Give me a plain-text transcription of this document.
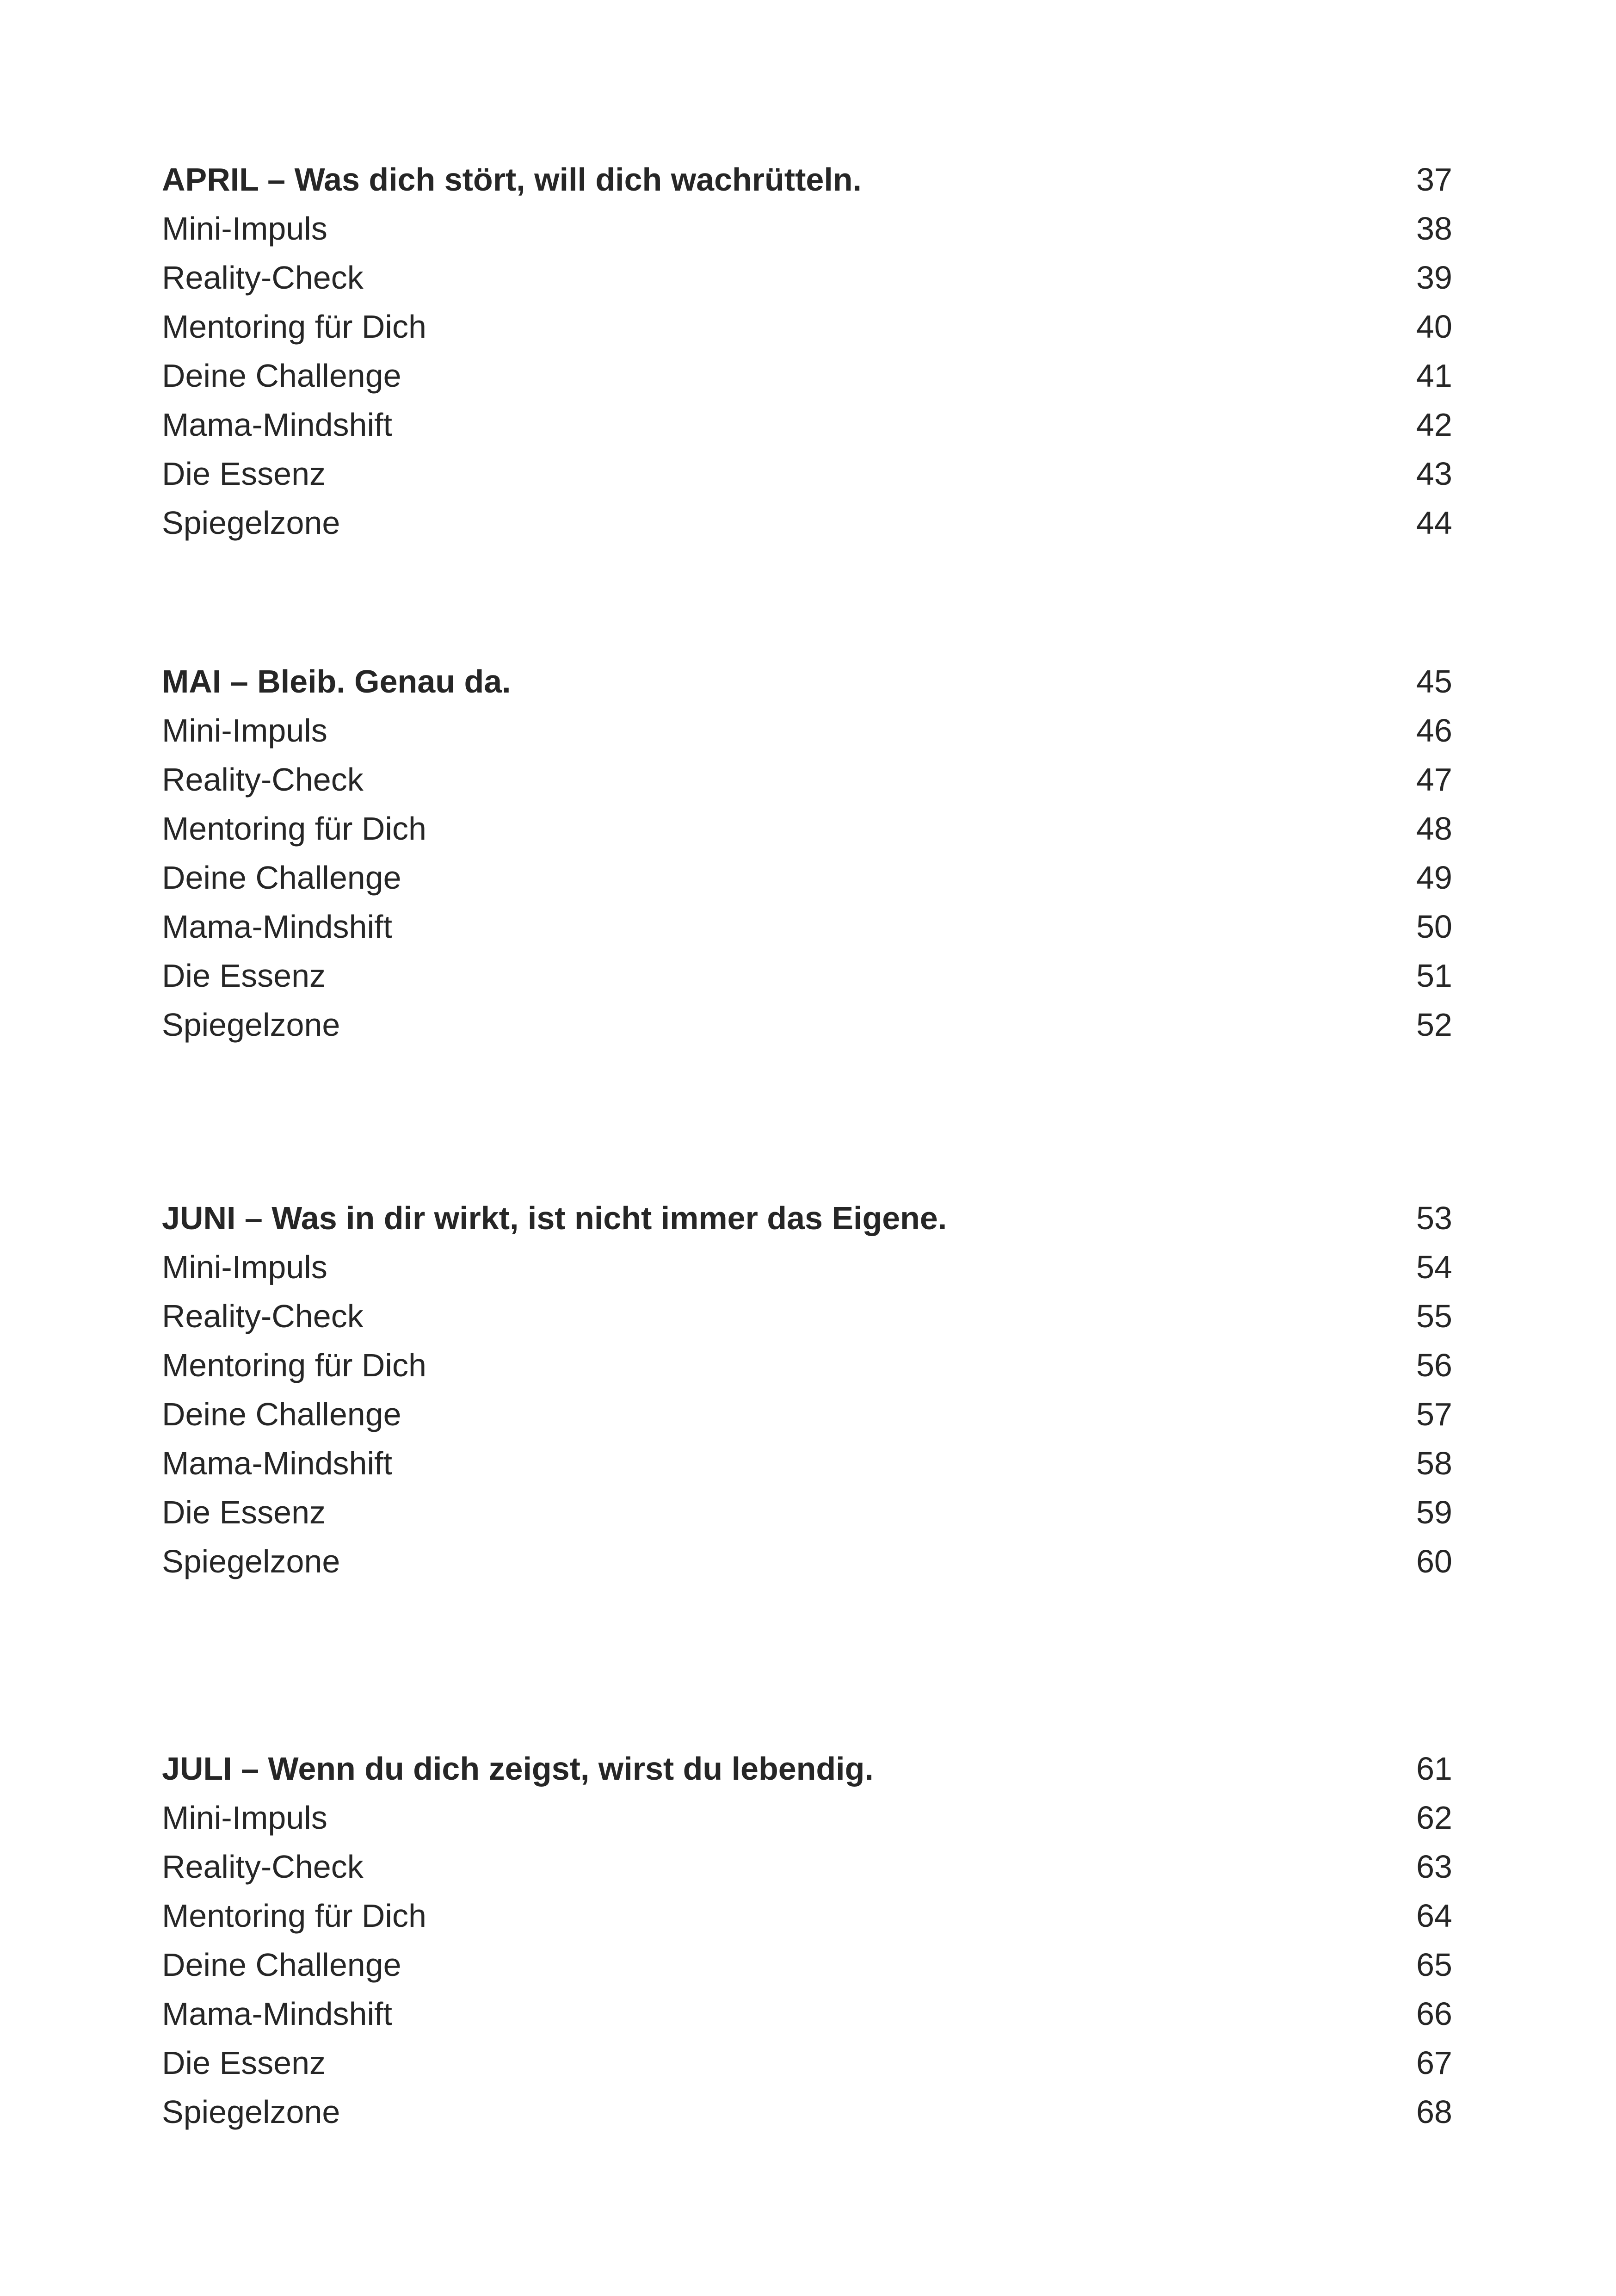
APRIL – Was dich stört, will dich wachrütteln.	37
Mini-Impuls	38
Reality-Check	39
Mentoring für Dich	40
Deine Challenge	41
Mama-Mindshift	42
Die Essenz	43
Spiegelzone	44
MAI – Bleib. Genau da.	45
Mini-Impuls	46
Reality-Check	47
Mentoring für Dich	48
Deine Challenge	49
Mama-Mindshift	50
Die Essenz	51
Spiegelzone	52
JUNI – Was in dir wirkt, ist nicht immer das Eigene.	53
Mini-Impuls	54
Reality-Check	55
Mentoring für Dich	56
Deine Challenge	57
Mama-Mindshift	58
Die Essenz	59
Spiegelzone	60
JULI – Wenn du dich zeigst, wirst du lebendig.	61
Mini-Impuls	62
Reality-Check	63
Mentoring für Dich	64
Deine Challenge	65
Mama-Mindshift	66
Die Essenz	67
Spiegelzone	68
